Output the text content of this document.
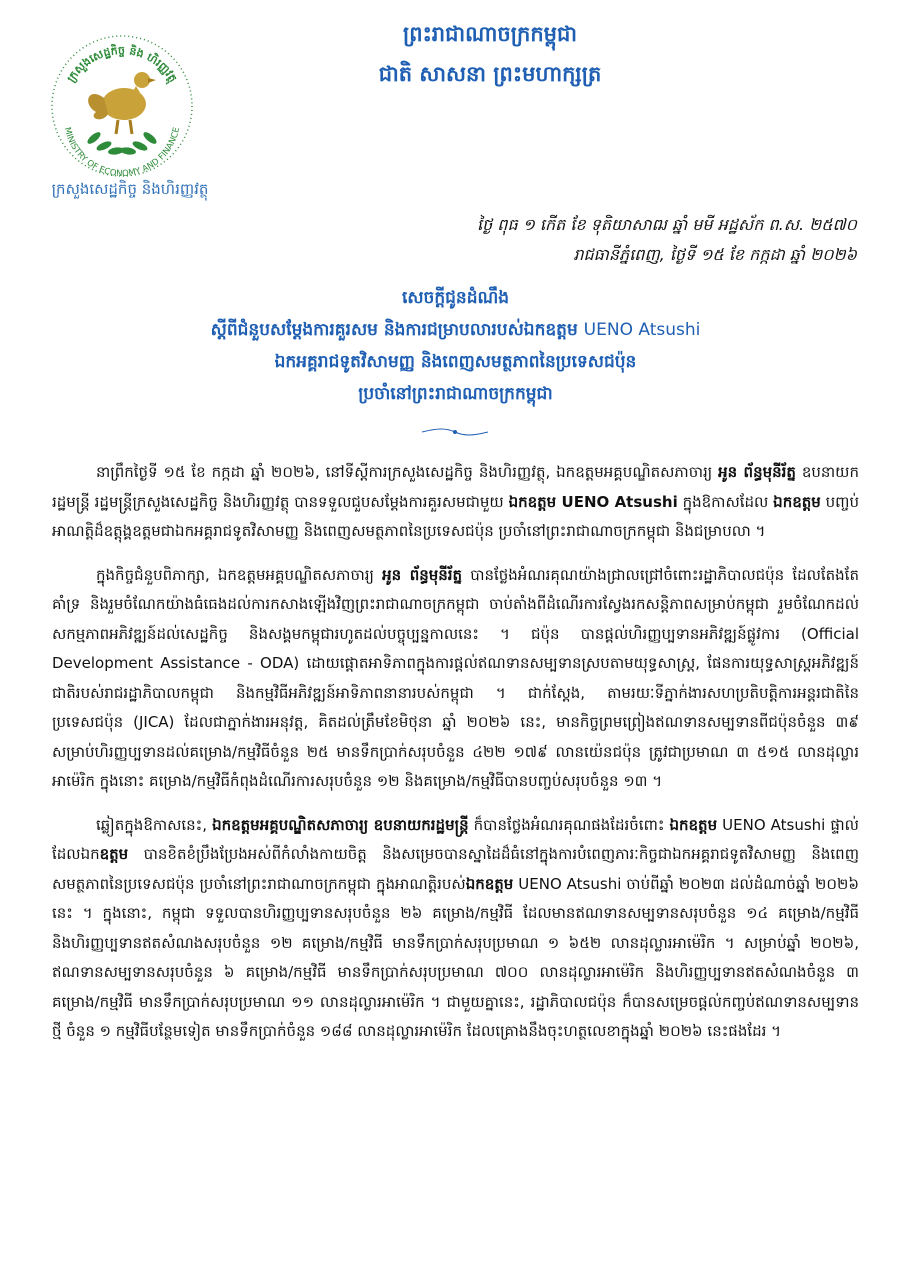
ក្រសួងសេដ្ឋកិច្ច និង ហិរញ្ញវត្ថុ
MINISTRY OF ECONOMY AND FINANCE
ក្រសួងសេដ្ឋកិច្ច និងហិរញ្ញវត្ថុ
ព្រះរាជាណាចក្រកម្ពុជា
ជាតិ សាសនា ព្រះមហាក្សត្រ
ថ្ងៃ ពុធ ១ កើត ខែ ទុតិយាសាឍ ឆ្នាំ មមី អដ្ឋស័ក ព.ស. ២៥៧០
រាជធានីភ្នំពេញ, ថ្ងៃទី ១៥ ខែ កក្កដា ឆ្នាំ ២០២៦
សេចក្តីជូនដំណឹង
ស្តីពីជំនួបសម្តែងការគួរសម និងការជម្រាបលារបស់ឯកឧត្តម UENO Atsushi
ឯកអគ្គរាជទូតវិសាមញ្ញ និងពេញសមត្ថភាពនៃប្រទេសជប៉ុន
ប្រចាំនៅព្រះរាជាណាចក្រកម្ពុជា

នាព្រឹកថ្ងៃទី ១៥ ខែ កក្កដា ឆ្នាំ ២០២៦, នៅទីស្តីការក្រសួងសេដ្ឋកិច្ច និងហិរញ្ញវត្ថុ, ឯកឧត្តមអគ្គបណ្ឌិតសភាចារ្យ អូន ព័ន្ធមុនីរ័ត្ន ឧបនាយករដ្ឋមន្ត្រី រដ្ឋមន្ត្រីក្រសួងសេដ្ឋកិច្ច និងហិរញ្ញវត្ថុ បានទទួលជួបសម្តែងការគួរសមជាមួយ ឯកឧត្តម UENO Atsushi ក្នុងឱកាសដែល ឯកឧត្តម បញ្ចប់អាណត្តិដ៏ឧត្តុង្គឧត្តមជាឯកអគ្គរាជទូតវិសាមញ្ញ និងពេញសមត្ថភាពនៃប្រទេសជប៉ុន ប្រចាំនៅព្រះរាជាណាចក្រកម្ពុជា និងជម្រាបលា ។

ក្នុងកិច្ចជំនួបពិភាក្សា, ឯកឧត្តមអគ្គបណ្ឌិតសភាចារ្យ អូន ព័ន្ធមុនីរ័ត្ន បានថ្លែងអំណរគុណយ៉ាងជ្រាលជ្រៅចំពោះរដ្ឋាភិបាលជប៉ុន ដែលតែងតែគាំទ្រ និងរួមចំណែកយ៉ាងធំធេងដល់ការកសាងឡើងវិញព្រះរាជាណាចក្រកម្ពុជា ចាប់តាំងពីដំណើរការស្វែងរកសន្តិភាពសម្រាប់កម្ពុជា រួមចំណែកដល់សកម្មភាពអភិវឌ្ឍន៍ដល់សេដ្ឋកិច្ច និងសង្គមកម្ពុជារហូតដល់បច្ចុប្បន្នកាលនេះ ។ ជប៉ុន បានផ្តល់ហិរញ្ញប្បទានអភិវឌ្ឍន៍ផ្លូវការ (Official Development Assistance - ODA) ដោយផ្តោតអាទិភាពក្នុងការផ្តល់ឥណទានសម្បទានស្របតាមយុទ្ធសាស្ត្រ, ផែនការយុទ្ធសាស្ត្រអភិវឌ្ឍន៍ជាតិរបស់រាជរដ្ឋាភិបាលកម្ពុជា និងកម្មវិធីអភិវឌ្ឍន៍អាទិភាពនានារបស់កម្ពុជា ។ ជាក់ស្តែង, តាមរយៈទីភ្នាក់ងារសហប្រតិបត្តិការអន្តរជាតិនៃប្រទេសជប៉ុន (JICA) ដែលជាភ្នាក់ងារអនុវត្ត, គិតដល់ត្រឹមខែមិថុនា ឆ្នាំ ២០២៦ នេះ, មានកិច្ចព្រមព្រៀងឥណទានសម្បទានពីជប៉ុនចំនួន ៣៩ សម្រាប់ហិរញ្ញប្បទានដល់គម្រោង/កម្មវិធីចំនួន ២៥ មានទឹកប្រាក់សរុបចំនួន ៤២២ ១៧៩ លានយ៉េនជប៉ុន ត្រូវជាប្រមាណ ៣ ៥១៥ លានដុល្លារអាម៉េរិក ក្នុងនោះ គម្រោង/កម្មវិធីកំពុងដំណើរការសរុបចំនួន ១២ និងគម្រោង/កម្មវិធីបានបញ្ចប់សរុបចំនួន ១៣ ។

ឆ្លៀតក្នុងឱកាសនេះ, ឯកឧត្តមអគ្គបណ្ឌិតសភាចារ្យ ឧបនាយករដ្ឋមន្ត្រី ក៏បានថ្លែងអំណរគុណផងដែរចំពោះ ឯកឧត្តម UENO Atsushi ផ្ទាល់ ដែលឯកឧត្តម បានខិតខំប្រឹងប្រែងអស់ពីកំលាំងកាយចិត្ត និងសម្រេចបានស្នាដៃដ៏ធំនៅក្នុងការបំពេញភារៈកិច្ចជាឯកអគ្គរាជទូតវិសាមញ្ញ និងពេញសមត្ថភាពនៃប្រទេសជប៉ុន ប្រចាំនៅព្រះរាជាណាចក្រកម្ពុជា ក្នុងអាណត្តិរបស់ឯកឧត្តម UENO Atsushi ចាប់ពីឆ្នាំ ២០២៣ ដល់ដំណាច់ឆ្នាំ ២០២៦ នេះ ។ ក្នុងនោះ, កម្ពុជា ទទួលបានហិរញ្ញប្បទានសរុបចំនួន ២៦ គម្រោង/កម្មវិធី ដែលមានឥណទានសម្បទានសរុបចំនួន ១៤ គម្រោង/កម្មវិធី និងហិរញ្ញប្បទានឥតសំណងសរុបចំនួន ១២ គម្រោង/កម្មវិធី មានទឹកប្រាក់សរុបប្រមាណ ១ ៦៥២ លានដុល្លារអាម៉េរិក ។ សម្រាប់ឆ្នាំ ២០២៦, ឥណទានសម្បទានសរុបចំនួន ៦ គម្រោង/កម្មវិធី មានទឹកប្រាក់សរុបប្រមាណ ៧០០ លានដុល្លារអាម៉េរិក និងហិរញ្ញប្បទានឥតសំណងចំនួន ៣ គម្រោង/កម្មវិធី មានទឹកប្រាក់សរុបប្រមាណ ១១ លានដុល្លារអាម៉េរិក ។ ជាមួយគ្នានេះ, រដ្ឋាភិបាលជប៉ុន ក៏បានសម្រេចផ្តល់កញ្ចប់ឥណទានសម្បទានថ្មី ចំនួន ១ កម្មវិធីបន្ថែមទៀត មានទឹកប្រាក់ចំនួន ១៨៨ លានដុល្លារអាម៉េរិក ដែលគ្រោងនឹងចុះហត្ថលេខាក្នុងឆ្នាំ ២០២៦ នេះផងដែរ ។
